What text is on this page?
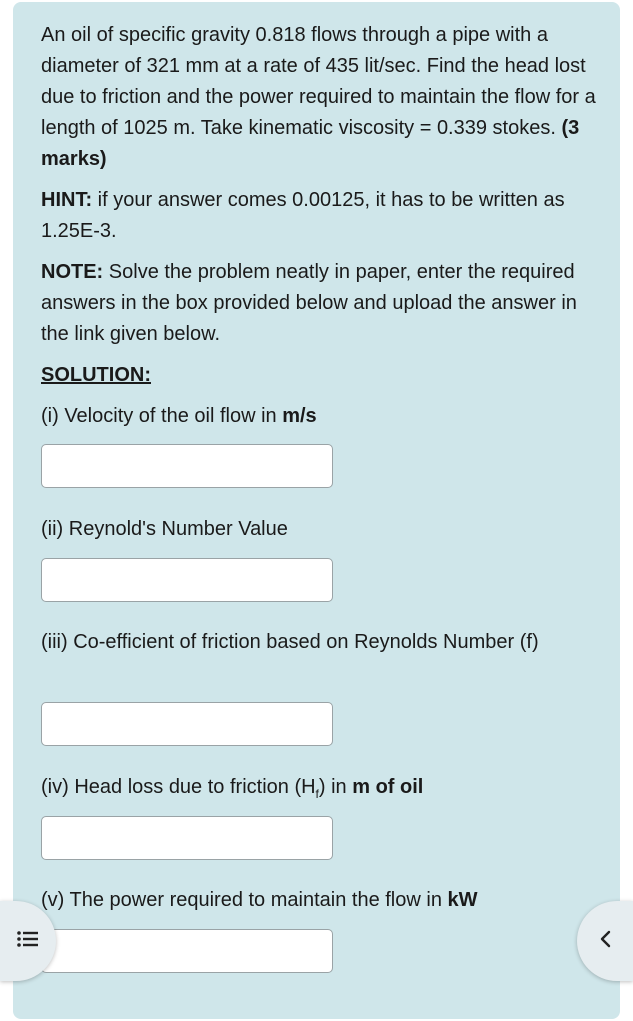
An oil of specific gravity 0.818 flows through a pipe with a diameter of 321 mm at a rate of 435 lit/sec. Find the head lost due to friction and the power required to maintain the flow for a length of 1025 m. Take kinematic viscosity = 0.339 stokes. (3 marks)

HINT: if your answer comes 0.00125, it has to be written as 1.25E-3.

NOTE: Solve the problem neatly in paper, enter the required answers in the box provided below and upload the answer in the link given below.

SOLUTION:

(i) Velocity of the oil flow in m/s
(ii) Reynold's Number Value
(iii) Co-efficient of friction based on Reynolds Number (f)
(iv) Head loss due to friction $(H_f)$ in m of oil
(v) The power required to maintain the flow in kW
